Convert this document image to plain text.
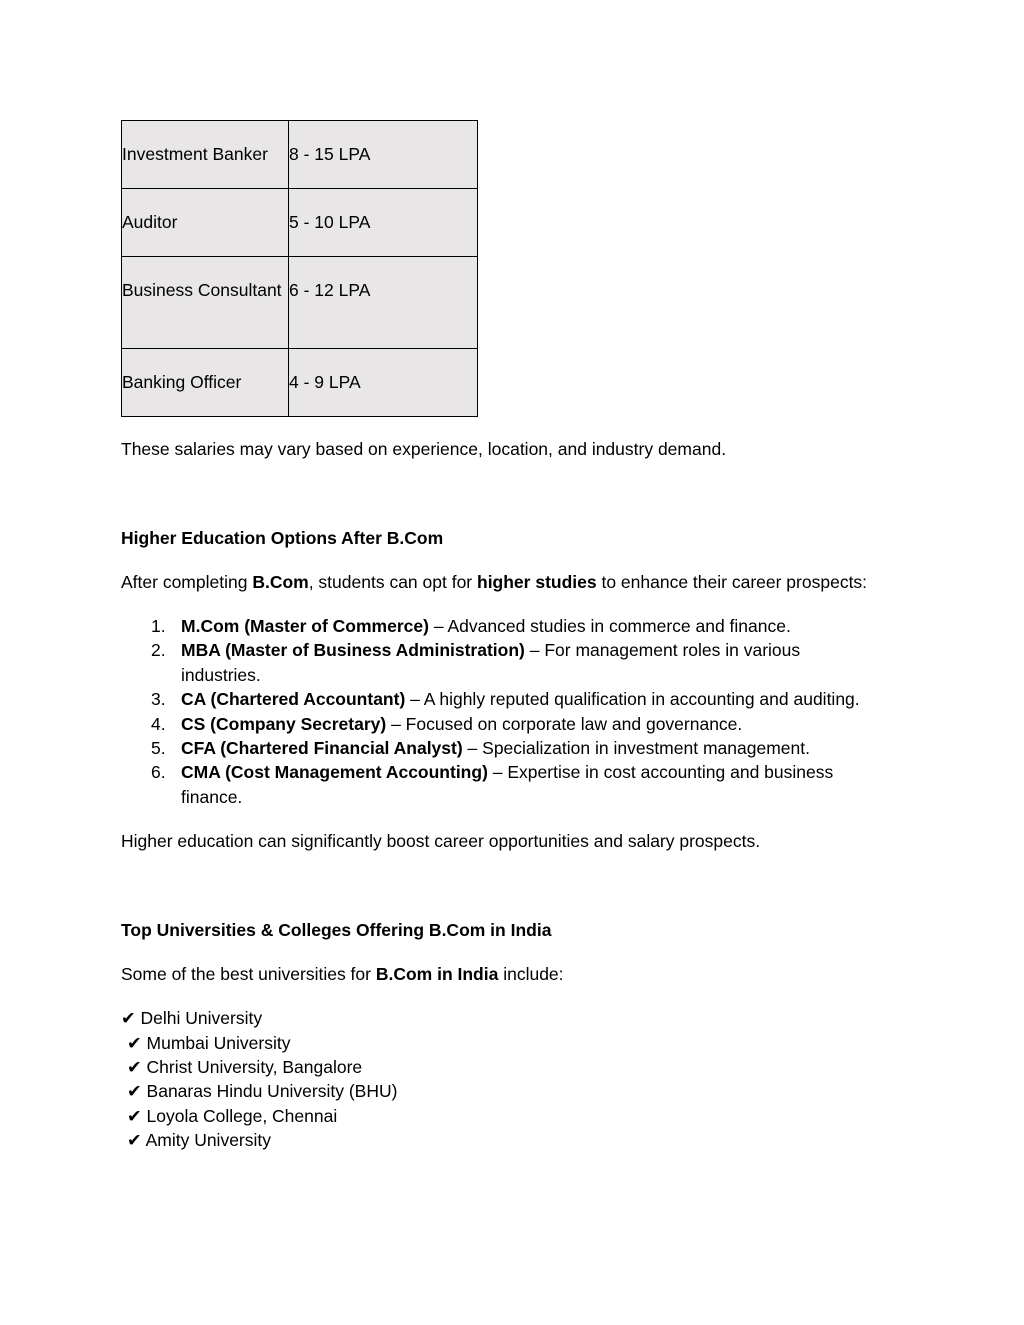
Investment Banker	8 - 15 LPA
Auditor	5 - 10 LPA
Business Consultant	6 - 12 LPA
Banking Officer	4 - 9 LPA

These salaries may vary based on experience, location, and industry demand.

Higher Education Options After B.Com

After completing B.Com, students can opt for higher studies to enhance their career prospects:

1. M.Com (Master of Commerce) – Advanced studies in commerce and finance.
2. MBA (Master of Business Administration) – For management roles in various industries.
3. CA (Chartered Accountant) – A highly reputed qualification in accounting and auditing.
4. CS (Company Secretary) – Focused on corporate law and governance.
5. CFA (Chartered Financial Analyst) – Specialization in investment management.
6. CMA (Cost Management Accounting) – Expertise in cost accounting and business finance.

Higher education can significantly boost career opportunities and salary prospects.

Top Universities & Colleges Offering B.Com in India

Some of the best universities for B.Com in India include:

✔ Delhi University
✔ Mumbai University
✔ Christ University, Bangalore
✔ Banaras Hindu University (BHU)
✔ Loyola College, Chennai
✔ Amity University
